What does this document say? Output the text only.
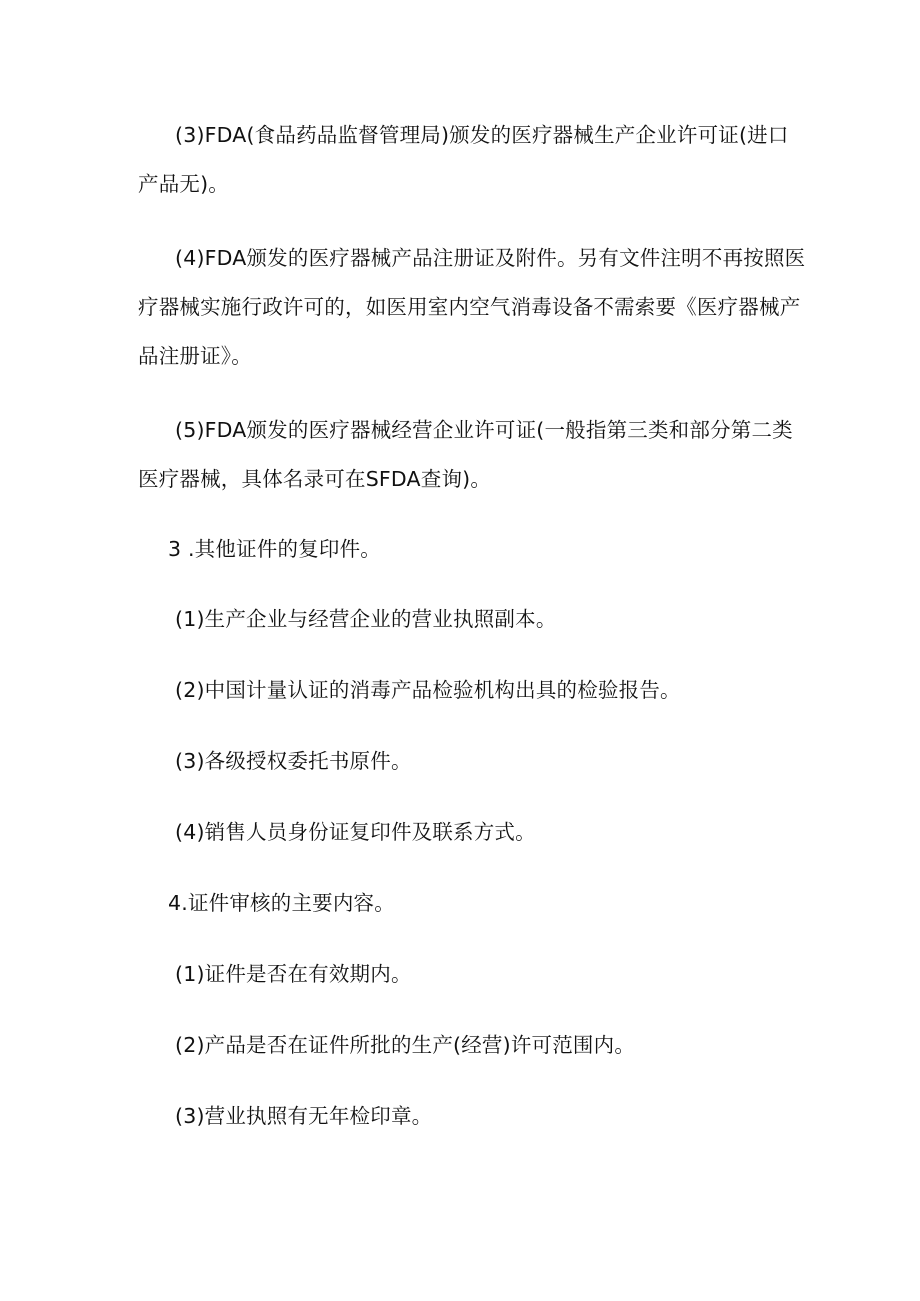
(3)FDA(食品药品监督管理局)颁发的医疗器械生产企业许可证(进口
产品无)。
(4)FDA颁发的医疗器械产品注册证及附件。另有文件注明不再按照医
疗器械实施行政许可的，如医用室内空气消毒设备不需索要《医疗器械产
品注册证》。
(5)FDA颁发的医疗器械经营企业许可证(一般指第三类和部分第二类
医疗器械，具体名录可在SFDA查询)。
3 .其他证件的复印件。
(1)生产企业与经营企业的营业执照副本。
(2)中国计量认证的消毒产品检验机构出具的检验报告。
(3)各级授权委托书原件。
(4)销售人员身份证复印件及联系方式。
4.证件审核的主要内容。
(1)证件是否在有效期内。
(2)产品是否在证件所批的生产(经营)许可范围内。
(3)营业执照有无年检印章。
